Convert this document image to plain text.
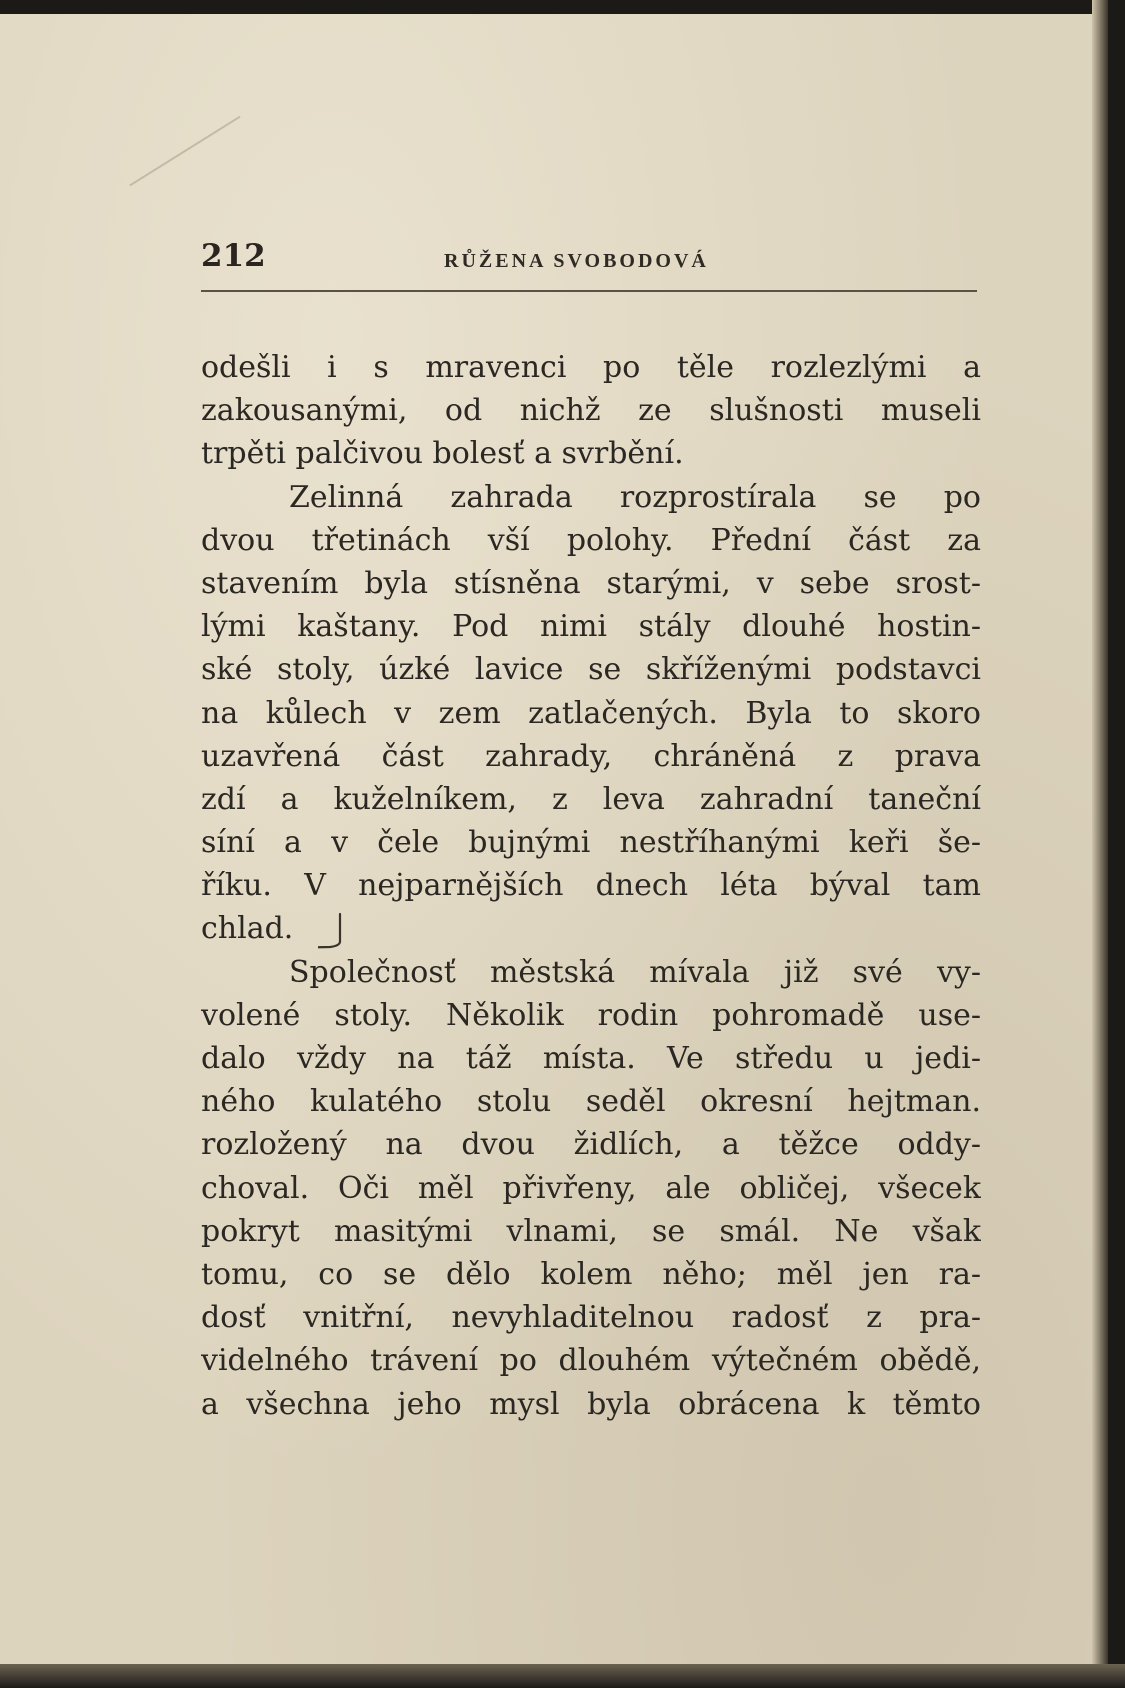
212	RŮŽENA SVOBODOVÁ
odešli i s mravenci po těle rozlezlými a
zakousanými, od nichž ze slušnosti museli
trpěti palčivou bolesť a svrbění.
Zelinná zahrada rozprostírala se po
dvou třetinách vší polohy. Přední část za
stavením byla stísněna starými, v sebe srost-
lými kaštany. Pod nimi stály dlouhé hostin-
ské stoly, úzké lavice se skříženými podstavci
na kůlech v zem zatlačených. Byla to skoro
uzavřená část zahrady, chráněná z prava
zdí a kuželníkem, z leva zahradní taneční
síní a v čele bujnými nestříhanými keři še-
říku. V nejparnějších dnech léta býval tam
chlad.
Společnosť městská mívala již své vy-
volené stoly. Několik rodin pohromadě use-
dalo vždy na táž místa. Ve středu u jedi-
ného kulatého stolu seděl okresní hejtman.
rozložený na dvou židlích, a těžce oddy-
choval. Oči měl přivřeny, ale obličej, všecek
pokryt masitými vlnami, se smál. Ne však
tomu, co se dělo kolem něho; měl jen ra-
dosť vnitřní, nevyhladitelnou radosť z pra-
videlného trávení po dlouhém výtečném obědě,
a všechna jeho mysl byla obrácena k těmto
